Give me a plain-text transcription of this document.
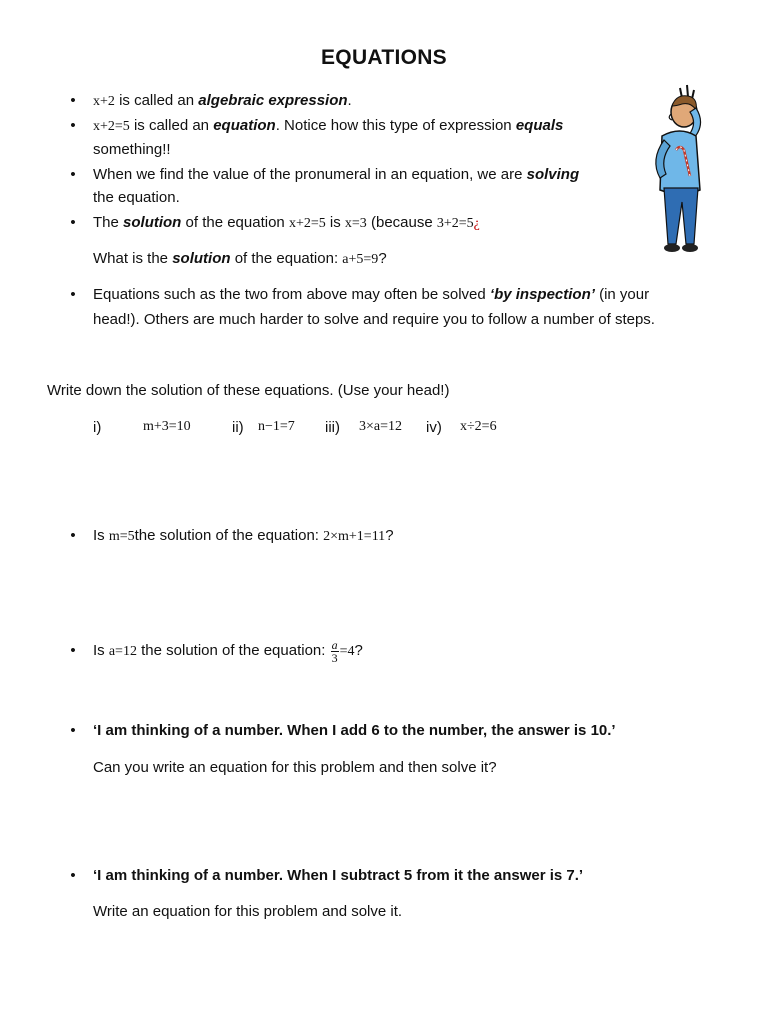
EQUATIONS
•	x+2 is called an algebraic expression.
•	x+2=5 is called an equation. Notice how this type of expression equals
something!!
• When we find the value of the pronumeral in an equation, we are solving
the equation.
• The solution of the equation x+2=5 is x=3 (because 3+2=5¿
What is the solution of the equation: a+5=9?
• Equations such as the two from above may often be solved ‘by inspection’ (in your
head!). Others are much harder to solve and require you to follow a number of steps.
Write down the solution of these equations. (Use your head!)
i)	m+3=10	ii) n−1=7 iii) 3×a=12 iv) x÷2=6
• Is m=5the solution of the equation: 2×m+1=11?
• Is a=12 the solution of the equation: $\frac{a}{3} =4$?
• ‘I am thinking of a number. When I add 6 to the number, the answer is 10.’
Can you write an equation for this problem and then solve it?
• ‘I am thinking of a number. When I subtract 5 from it the answer is 7.’
Write an equation for this problem and solve it.
